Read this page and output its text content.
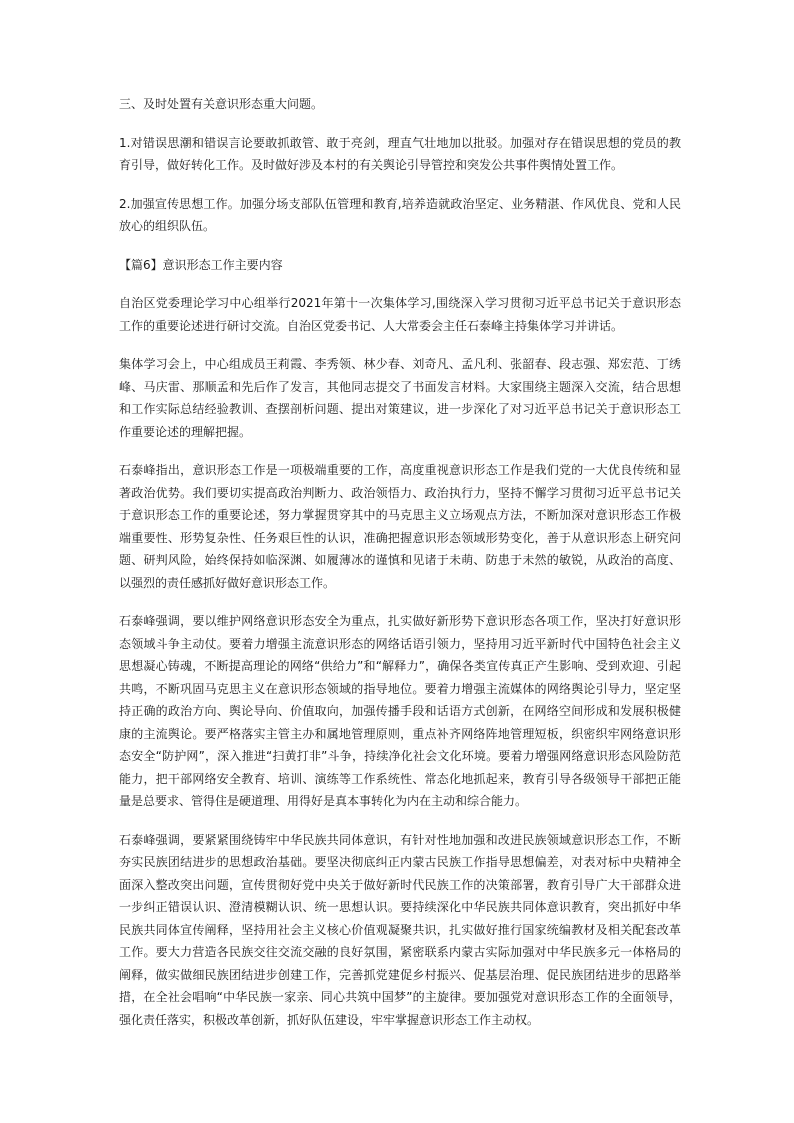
三、及时处置有关意识形态重大问题。

1.对错误思潮和错误言论要敢抓敢管、敢于亮剑，理直气壮地加以批驳。加强对存在错误思想的党员的教育引导，做好转化工作。及时做好涉及本村的有关舆论引导管控和突发公共事件舆情处置工作。

2.加强宣传思想工作。加强分场支部队伍管理和教育,培养造就政治坚定、业务精湛、作风优良、党和人民放心的组织队伍。

【篇6】意识形态工作主要内容

自治区党委理论学习中心组举行2021年第十一次集体学习,围绕深入学习贯彻习近平总书记关于意识形态工作的重要论述进行研讨交流。自治区党委书记、人大常委会主任石泰峰主持集体学习并讲话。

集体学习会上，中心组成员王莉霞、李秀领、林少春、刘奇凡、孟凡利、张韶春、段志强、郑宏范、丁绣峰、马庆雷、那顺孟和先后作了发言，其他同志提交了书面发言材料。大家围绕主题深入交流，结合思想和工作实际总结经验教训、查摆剖析问题、提出对策建议，进一步深化了对习近平总书记关于意识形态工作重要论述的理解把握。

石泰峰指出，意识形态工作是一项极端重要的工作，高度重视意识形态工作是我们党的一大优良传统和显著政治优势。我们要切实提高政治判断力、政治领悟力、政治执行力，坚持不懈学习贯彻习近平总书记关于意识形态工作的重要论述，努力掌握贯穿其中的马克思主义立场观点方法，不断加深对意识形态工作极端重要性、形势复杂性、任务艰巨性的认识，准确把握意识形态领域形势变化，善于从意识形态上研究问题、研判风险，始终保持如临深渊、如履薄冰的谨慎和见诸于未萌、防患于未然的敏锐，从政治的高度、以强烈的责任感抓好做好意识形态工作。

石泰峰强调，要以维护网络意识形态安全为重点，扎实做好新形势下意识形态各项工作，坚决打好意识形态领域斗争主动仗。要着力增强主流意识形态的网络话语引领力，坚持用习近平新时代中国特色社会主义思想凝心铸魂，不断提高理论的网络“供给力”和“解释力”，确保各类宣传真正产生影响、受到欢迎、引起共鸣，不断巩固马克思主义在意识形态领域的指导地位。要着力增强主流媒体的网络舆论引导力，坚定坚持正确的政治方向、舆论导向、价值取向，加强传播手段和话语方式创新，在网络空间形成和发展积极健康的主流舆论。要严格落实主管主办和属地管理原则，重点补齐网络阵地管理短板，织密织牢网络意识形态安全“防护网”，深入推进“扫黄打非”斗争，持续净化社会文化环境。要着力增强网络意识形态风险防范能力，把干部网络安全教育、培训、演练等工作系统性、常态化地抓起来，教育引导各级领导干部把正能量是总要求、管得住是硬道理、用得好是真本事转化为内在主动和综合能力。

石泰峰强调，要紧紧围绕铸牢中华民族共同体意识，有针对性地加强和改进民族领域意识形态工作，不断夯实民族团结进步的思想政治基础。要坚决彻底纠正内蒙古民族工作指导思想偏差，对表对标中央精神全面深入整改突出问题，宣传贯彻好党中央关于做好新时代民族工作的决策部署，教育引导广大干部群众进一步纠正错误认识、澄清模糊认识、统一思想认识。要持续深化中华民族共同体意识教育，突出抓好中华民族共同体宣传阐释，坚持用社会主义核心价值观凝聚共识，扎实做好推行国家统编教材及相关配套改革工作。要大力营造各民族交往交流交融的良好氛围，紧密联系内蒙古实际加强对中华民族多元一体格局的阐释，做实做细民族团结进步创建工作，完善抓党建促乡村振兴、促基层治理、促民族团结进步的思路举措，在全社会唱响“中华民族一家亲、同心共筑中国梦”的主旋律。要加强党对意识形态工作的全面领导，强化责任落实，积极改革创新，抓好队伍建设，牢牢掌握意识形态工作主动权。
